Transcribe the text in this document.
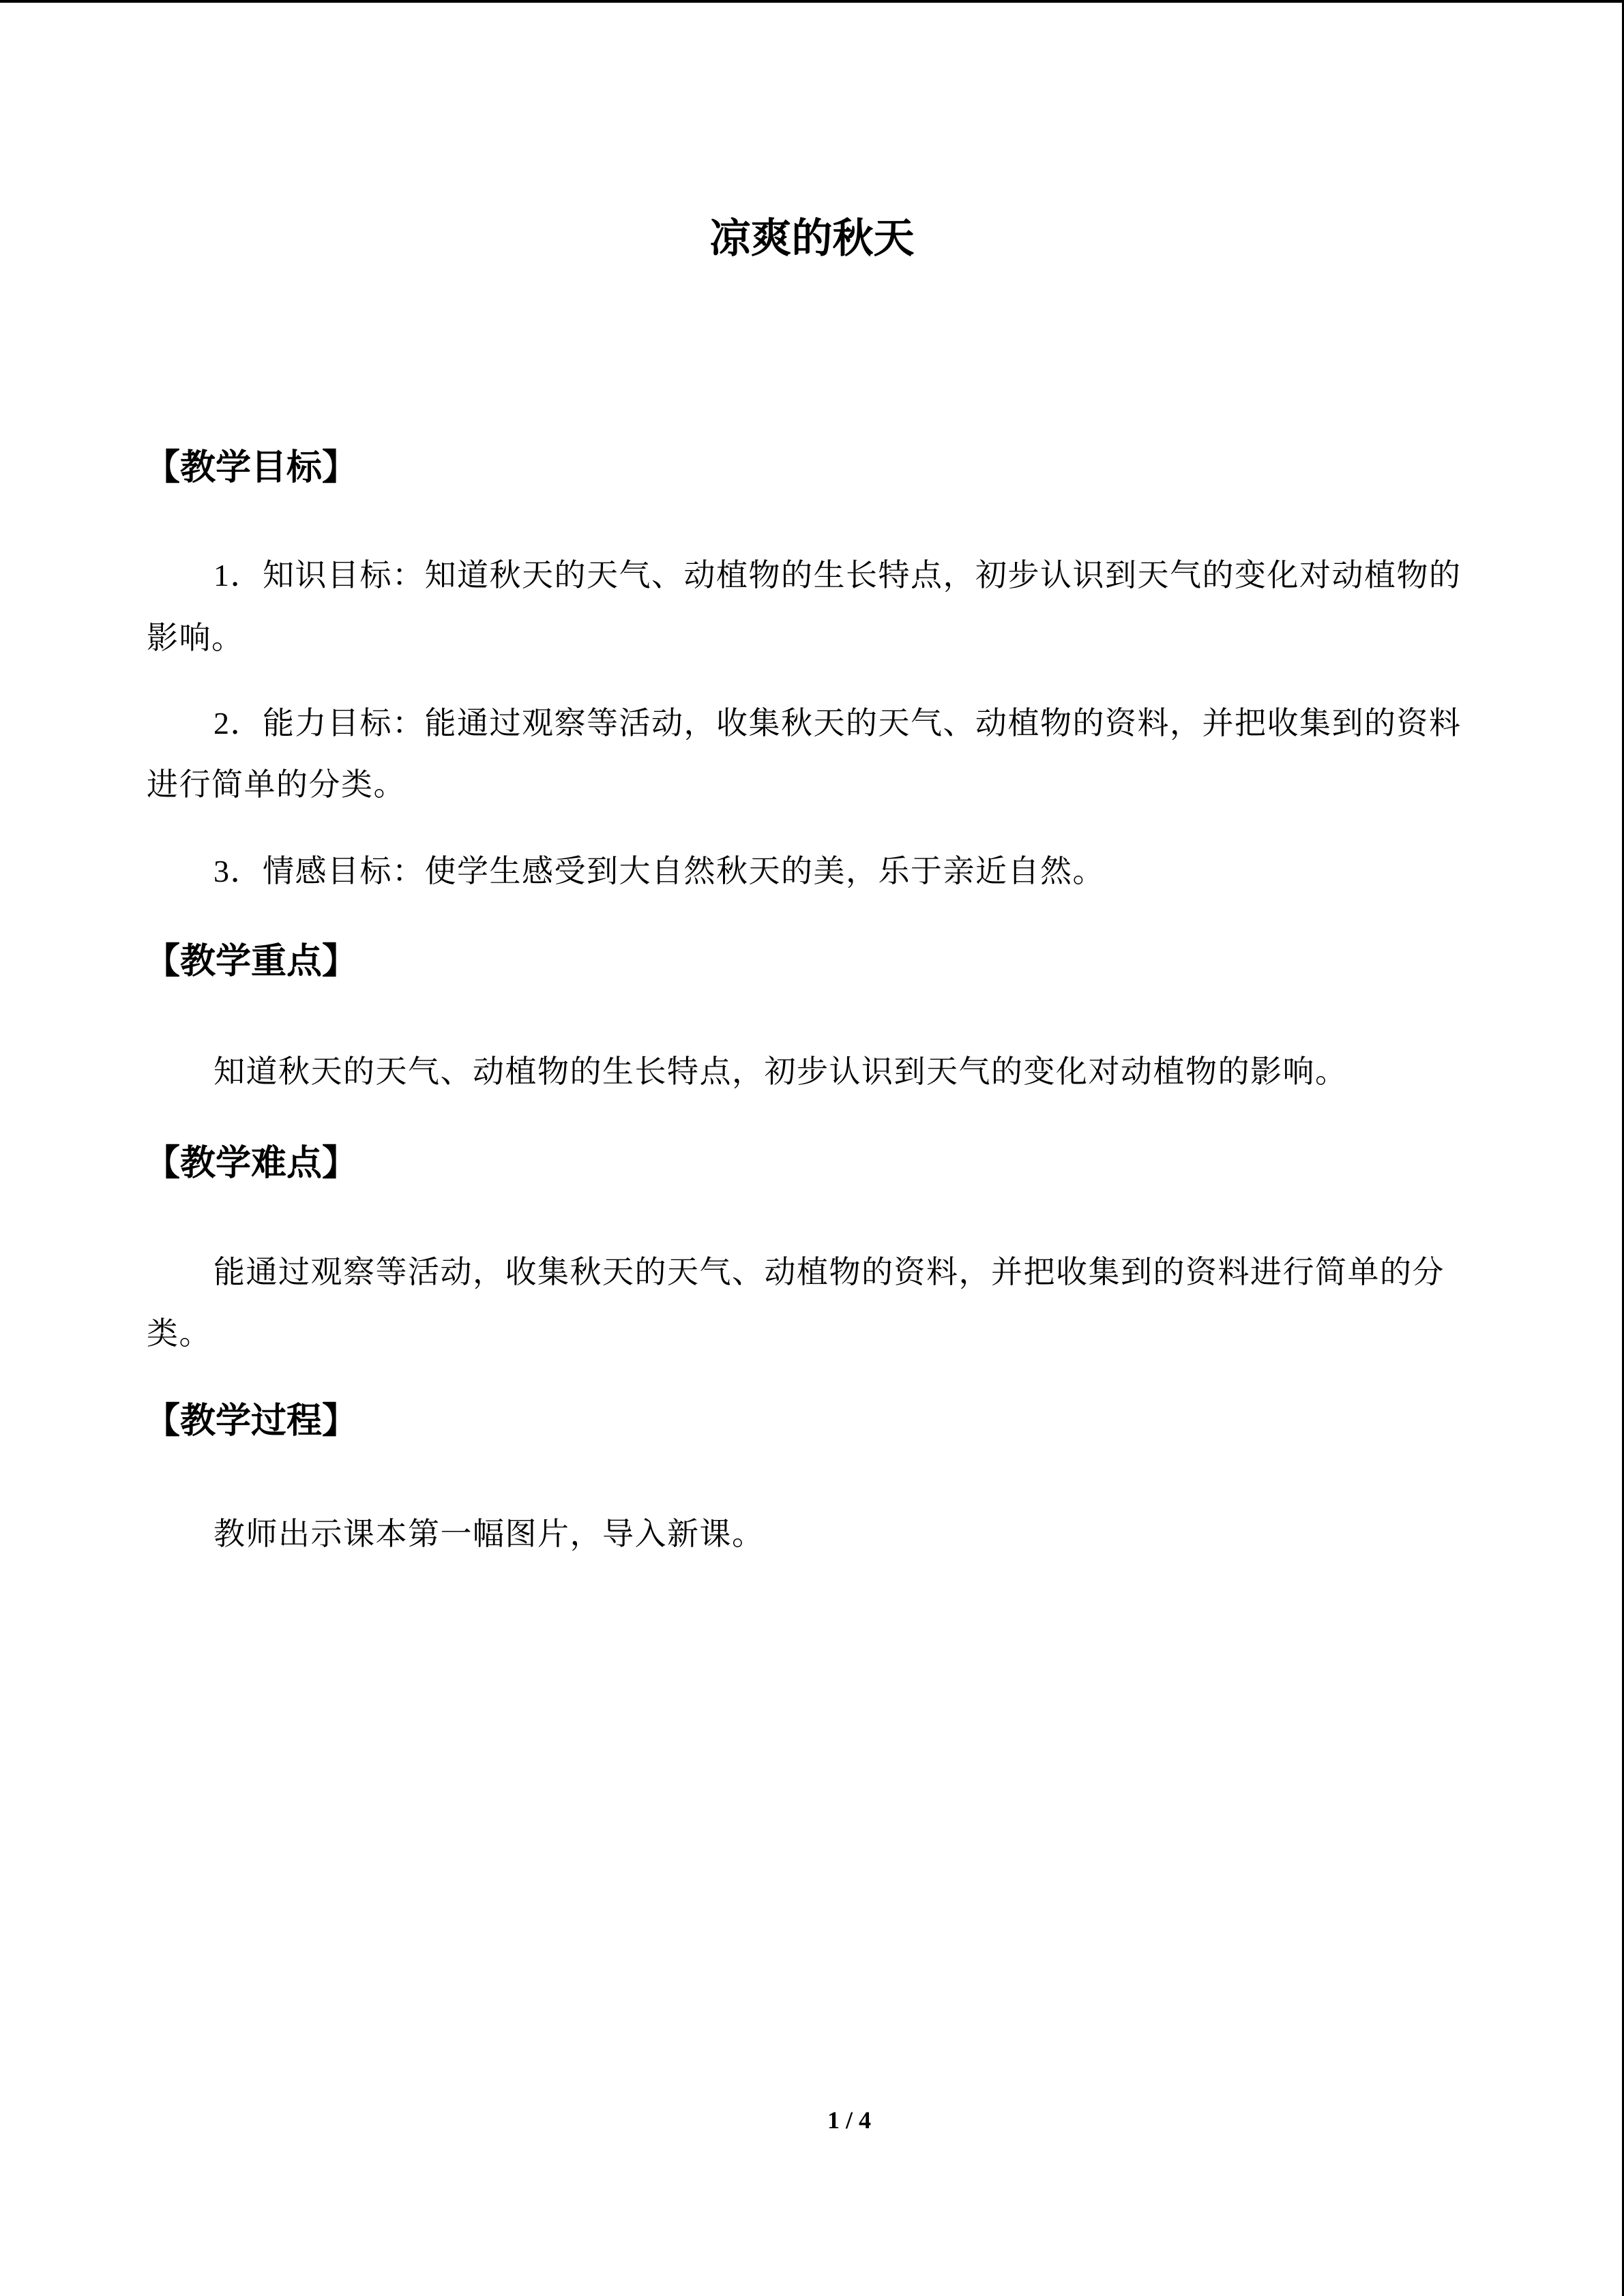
凉爽的秋天
【教学目标】
1．知识目标：知道秋天的天气、动植物的生长特点，初步认识到天气的变化对动植物的
影响。
2．能力目标：能通过观察等活动，收集秋天的天气、动植物的资料，并把收集到的资料
进行简单的分类。
3．情感目标：使学生感受到大自然秋天的美，乐于亲近自然。
【教学重点】
知道秋天的天气、动植物的生长特点，初步认识到天气的变化对动植物的影响。
【教学难点】
能通过观察等活动，收集秋天的天气、动植物的资料，并把收集到的资料进行简单的分
类。
【教学过程】
教师出示课本第一幅图片，导入新课。
1 / 4
